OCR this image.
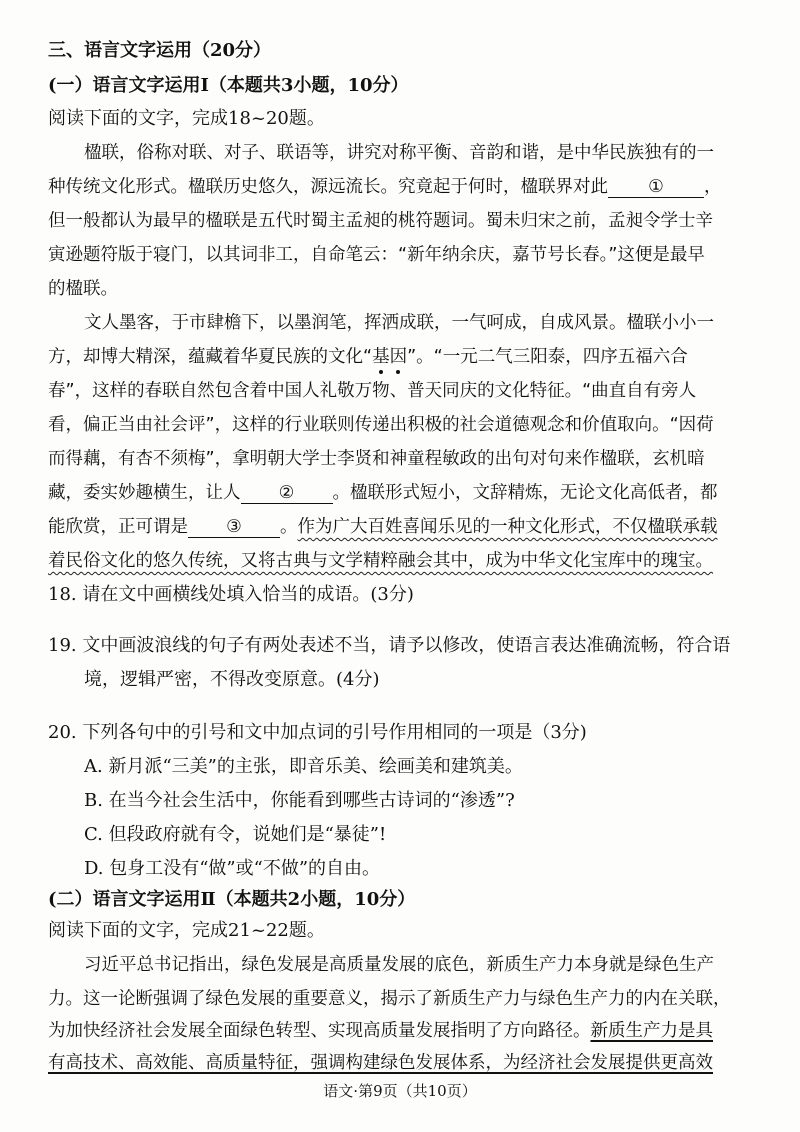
三、语言文字运用（20分）
(一）语言文字运用Ⅰ（本题共3小题，10分）
阅读下面的文字，完成18~20题。
楹联，俗称对联、对子、联语等，讲究对称平衡、音韵和谐，是中华民族独有的一
种传统文化形式。楹联历史悠久，源远流长。究竟起于何时，楹联界对此 ① ，
但一般都认为最早的楹联是五代时蜀主孟昶的桃符题词。蜀未归宋之前，孟昶令学士辛
寅逊题符版于寝门，以其词非工，自命笔云：“新年纳余庆，嘉节号长春。”这便是最早
的楹联。
文人墨客，于市肆檐下，以墨润笔，挥洒成联，一气呵成，自成风景。楹联小小一
方，却博大精深，蕴藏着华夏民族的文化“基因”。“一元二气三阳泰，四序五福六合
春”，这样的春联自然包含着中国人礼敬万物、普天同庆的文化特征。“曲直自有旁人
看，偏正当由社会评”，这样的行业联则传递出积极的社会道德观念和价值取向。“因荷
而得藕，有杏不须梅”，拿明朝大学士李贤和神童程敏政的出句对句来作楹联，玄机暗
藏，委实妙趣横生，让人 ② 。楹联形式短小，文辞精炼，无论文化高低者，都
能欣赏，正可谓是 ③ 。作为广大百姓喜闻乐见的一种文化形式，不仅楹联承载
着民俗文化的悠久传统，又将古典与文学精粹融会其中，成为中华文化宝库中的瑰宝。
18. 请在文中画横线处填入恰当的成语。(3分)
19. 文中画波浪线的句子有两处表述不当，请予以修改，使语言表达准确流畅，符合语
境，逻辑严密，不得改变原意。(4分)
20. 下列各句中的引号和文中加点词的引号作用相同的一项是（3分)
A. 新月派“三美”的主张，即音乐美、绘画美和建筑美。
B. 在当今社会生活中，你能看到哪些古诗词的“渗透”?
C. 但段政府就有令，说她们是“暴徒”!
D. 包身工没有“做”或“不做”的自由。
(二）语言文字运用Ⅱ（本题共2小题，10分）
阅读下面的文字，完成21~22题。
习近平总书记指出，绿色发展是高质量发展的底色，新质生产力本身就是绿色生产
力。这一论断强调了绿色发展的重要意义，揭示了新质生产力与绿色生产力的内在关联，
为加快经济社会发展全面绿色转型、实现高质量发展指明了方向路径。新质生产力是具
有高技术、高效能、高质量特征，强调构建绿色发展体系，为经济社会发展提供更高效
语文·第9页（共10页）
